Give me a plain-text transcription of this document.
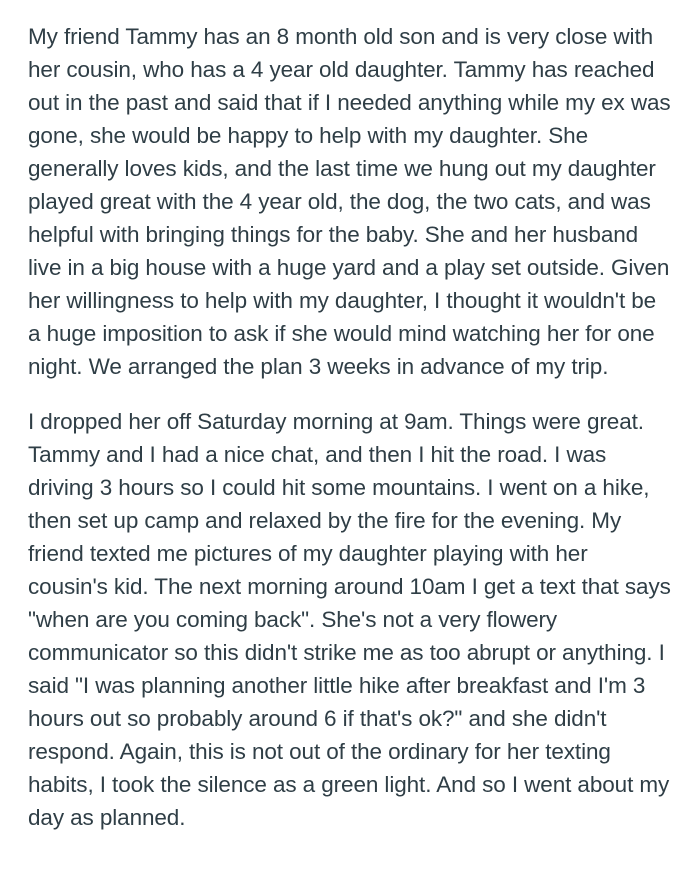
My friend Tammy has an 8 month old son and is very close with her cousin, who has a 4 year old daughter. Tammy has reached out in the past and said that if I needed anything while my ex was gone, she would be happy to help with my daughter. She generally loves kids, and the last time we hung out my daughter played great with the 4 year old, the dog, the two cats, and was helpful with bringing things for the baby. She and her husband live in a big house with a huge yard and a play set outside. Given her willingness to help with my daughter, I thought it wouldn't be a huge imposition to ask if she would mind watching her for one night. We arranged the plan 3 weeks in advance of my trip.

I dropped her off Saturday morning at 9am. Things were great. Tammy and I had a nice chat, and then I hit the road. I was driving 3 hours so I could hit some mountains. I went on a hike, then set up camp and relaxed by the fire for the evening. My friend texted me pictures of my daughter playing with her cousin's kid. The next morning around 10am I get a text that says "when are you coming back". She's not a very flowery communicator so this didn't strike me as too abrupt or anything. I said "I was planning another little hike after breakfast and I'm 3 hours out so probably around 6 if that's ok?" and she didn't respond. Again, this is not out of the ordinary for her texting habits, I took the silence as a green light. And so I went about my day as planned.
